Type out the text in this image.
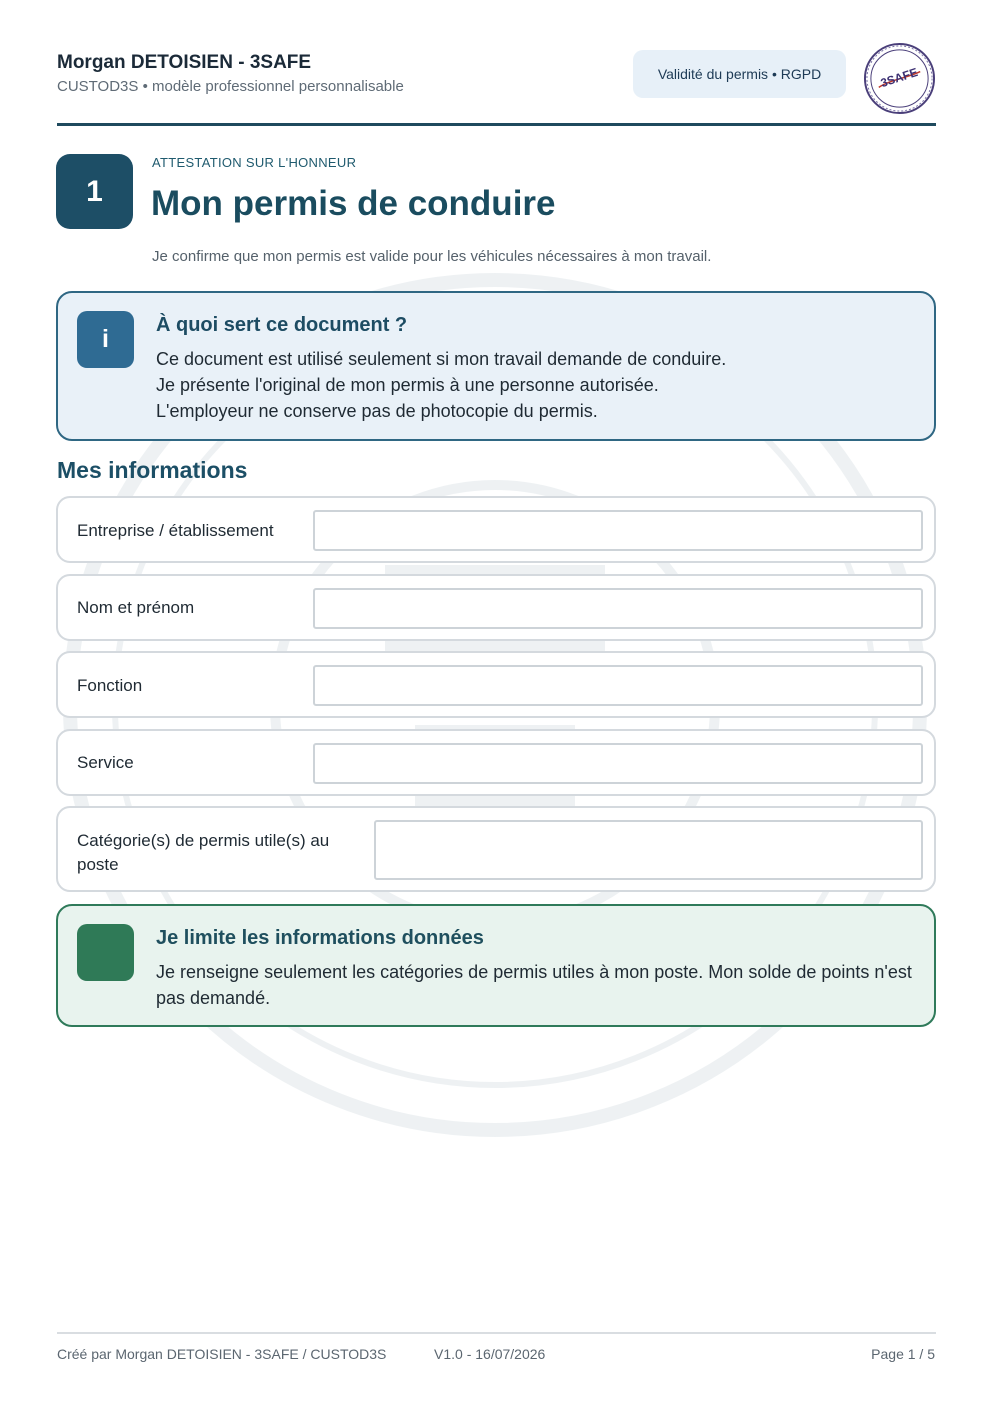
Morgan DETOISIEN - 3SAFE
CUSTOD3S • modèle professionnel personnalisable
Validité du permis • RGPD	3SAFE
1
ATTESTATION SUR L'HONNEUR
Mon permis de conduire
Je confirme que mon permis est valide pour les véhicules nécessaires à mon travail.
i	À quoi sert ce document ?

Ce document est utilisé seulement si mon travail demande de conduire.

Je présente l'original de mon permis à une personne autorisée.

L'employeur ne conserve pas de photocopie du permis.

Mes informations
Entreprise / établissement
Nom et prénom
Fonction
Service
Catégorie(s) de permis utile(s) au poste
Je limite les informations données
Je renseigne seulement les catégories de permis utiles à mon poste. Mon solde de points n'est pas demandé.
Créé par Morgan DETOISIEN - 3SAFE / CUSTOD3S	V1.0 - 16/07/2026	Page 1 / 5
